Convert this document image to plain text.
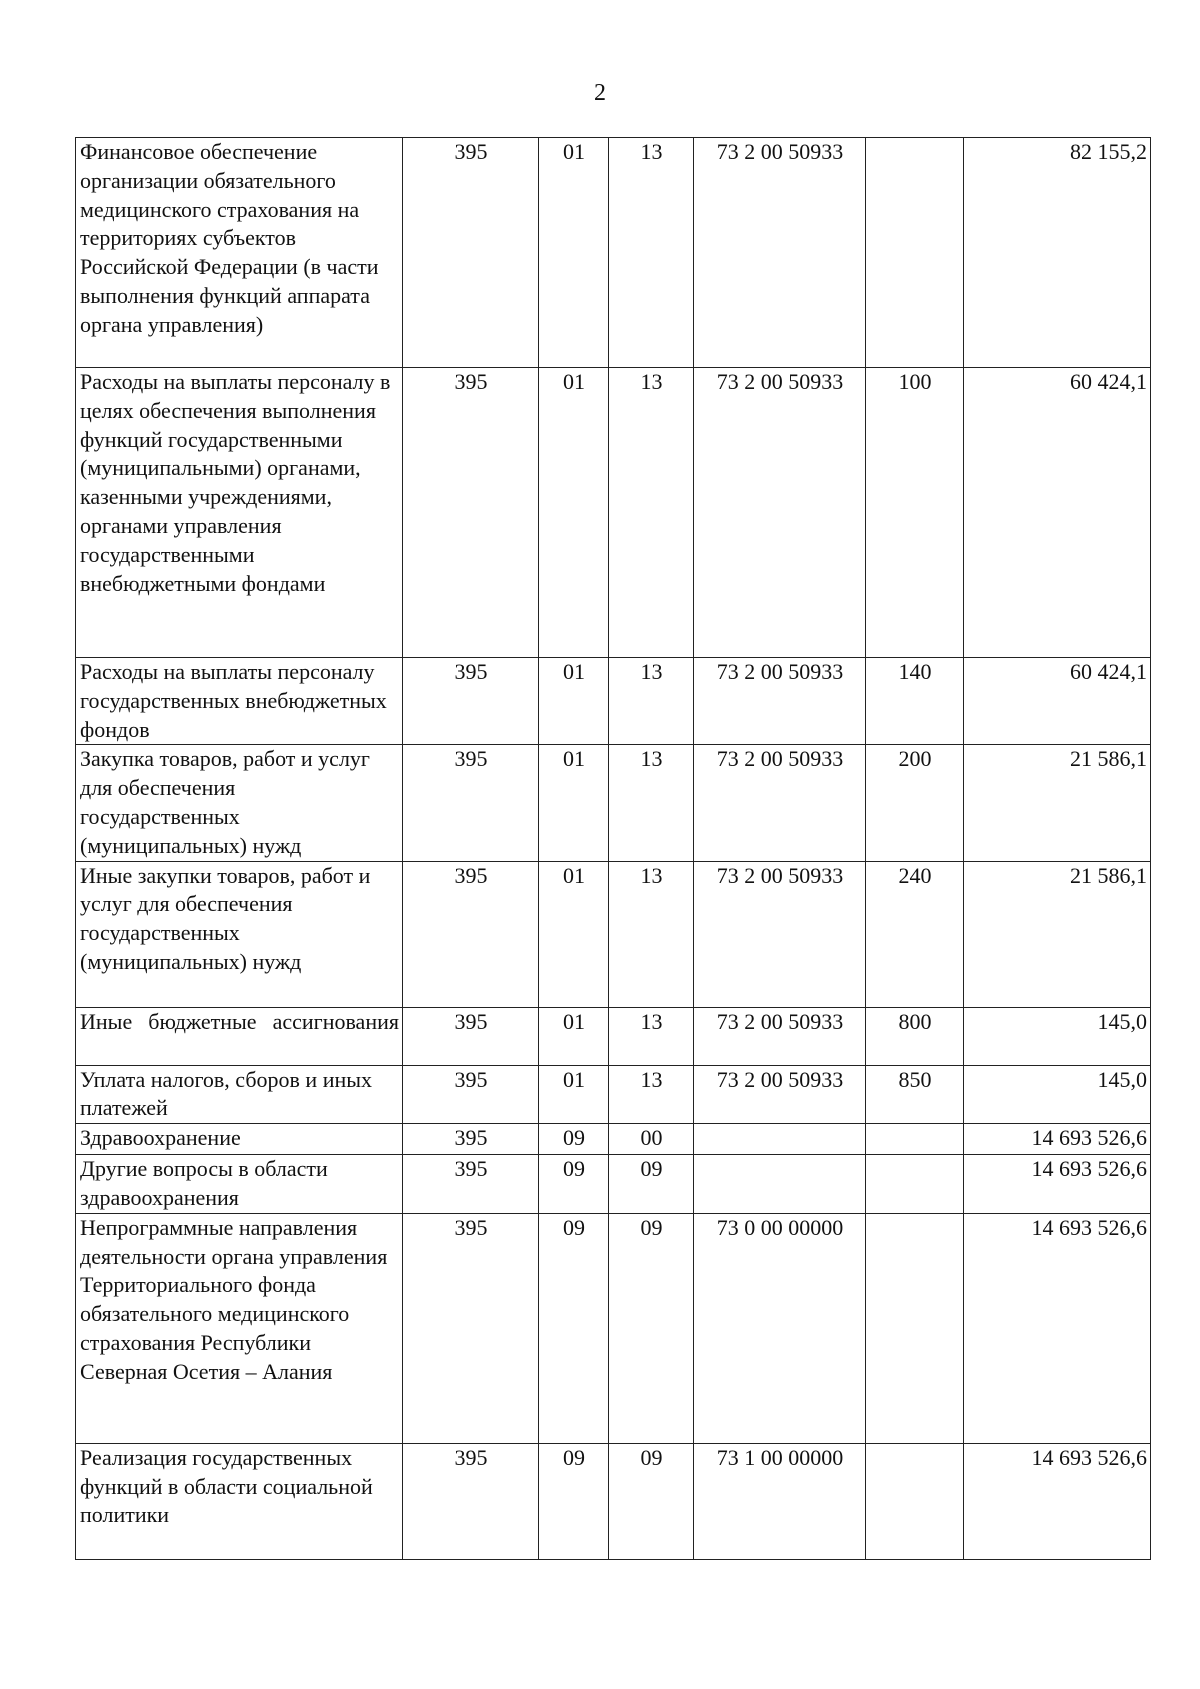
2
Финансовое обеспечение организации обязательного медицинского страхования на территориях субъектов Российской Федерации (в части выполнения функций аппарата органа управления)	395	01	13	73 2 00 50933		82 155,2
Расходы на выплаты персоналу в целях обеспечения выполнения функций государственными (муниципальными) органами, казенными учреждениями, органами управления государственными внебюджетными фондами	395	01	13	73 2 00 50933	100	60 424,1
Расходы на выплаты персоналу государственных внебюджетных фондов	395	01	13	73 2 00 50933	140	60 424,1
Закупка товаров, работ и услуг для обеспечения государственных (муниципальных) нужд	395	01	13	73 2 00 50933	200	21 586,1
Иные закупки товаров, работ и услуг для обеспечения государственных (муниципальных) нужд	395	01	13	73 2 00 50933	240	21 586,1
Иные бюджетные ассигнования	395	01	13	73 2 00 50933	800	145,0
Уплата налогов, сборов и иных платежей	395	01	13	73 2 00 50933	850	145,0
Здравоохранение	395	09	00			14 693 526,6
Другие вопросы в области здравоохранения	395	09	09			14 693 526,6
Непрограммные направления деятельности органа управления Территориального фонда обязательного медицинского страхования Республики Северная Осетия – Алания	395	09	09	73 0 00 00000		14 693 526,6
Реализация государственных функций в области социальной политики	395	09	09	73 1 00 00000		14 693 526,6
